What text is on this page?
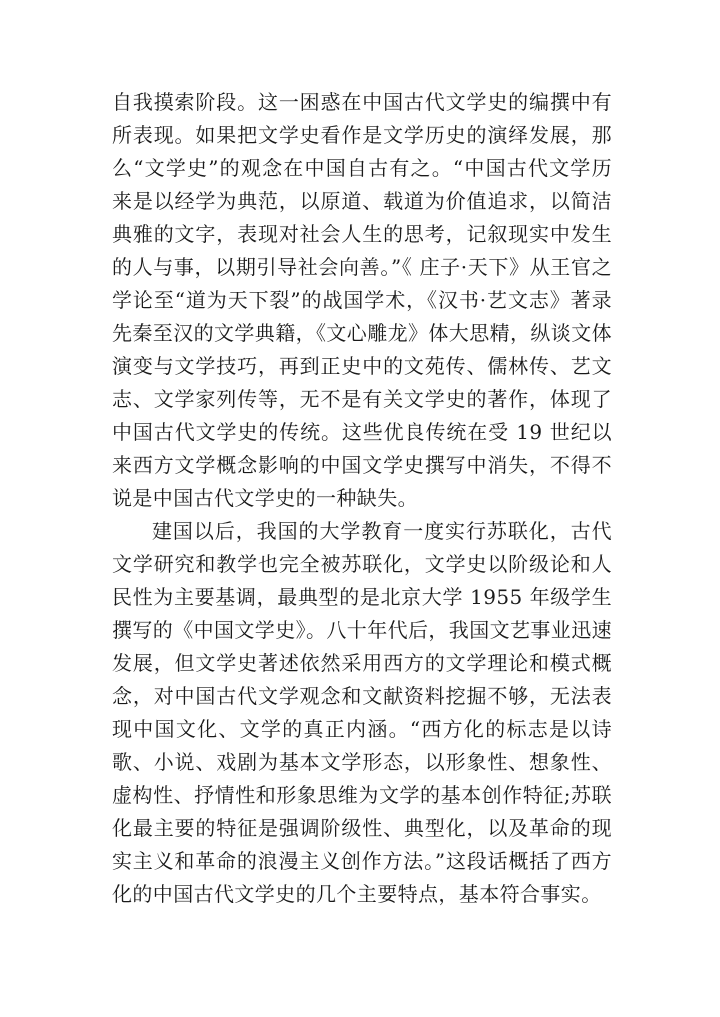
自我摸索阶段。这一困惑在中国古代文学史的编撰中有所表现。如果把文学史看作是文学历史的演绎发展，那么“文学史”的观念在中国自古有之。“中国古代文学历来是以经学为典范，以原道、载道为价值追求，以简洁典雅的文字，表现对社会人生的思考，记叙现实中发生的人与事，以期引导社会向善。”《 庄子·天下》从王官之学论至“道为天下裂”的战国学术，《汉书·艺文志》著录先秦至汉的文学典籍，《文心雕龙》体大思精，纵谈文体演变与文学技巧，再到正史中的文苑传、儒林传、艺文志、文学家列传等，无不是有关文学史的著作，体现了中国古代文学史的传统。这些优良传统在受 19 世纪以来西方文学概念影响的中国文学史撰写中消失，不得不说是中国古代文学史的一种缺失。

建国以后，我国的大学教育一度实行苏联化，古代文学研究和教学也完全被苏联化，文学史以阶级论和人民性为主要基调，最典型的是北京大学 1955 年级学生撰写的《中国文学史》。八十年代后，我国文艺事业迅速发展，但文学史著述依然采用西方的文学理论和模式概念，对中国古代文学观念和文献资料挖掘不够，无法表现中国文化、文学的真正内涵。“西方化的标志是以诗歌、小说、戏剧为基本文学形态，以形象性、想象性、虚构性、抒情性和形象思维为文学的基本创作特征;苏联化最主要的特征是强调阶级性、典型化，以及革命的现实主义和革命的浪漫主义创作方法。”这段话概括了西方化的中国古代文学史的几个主要特点，基本符合事实。
